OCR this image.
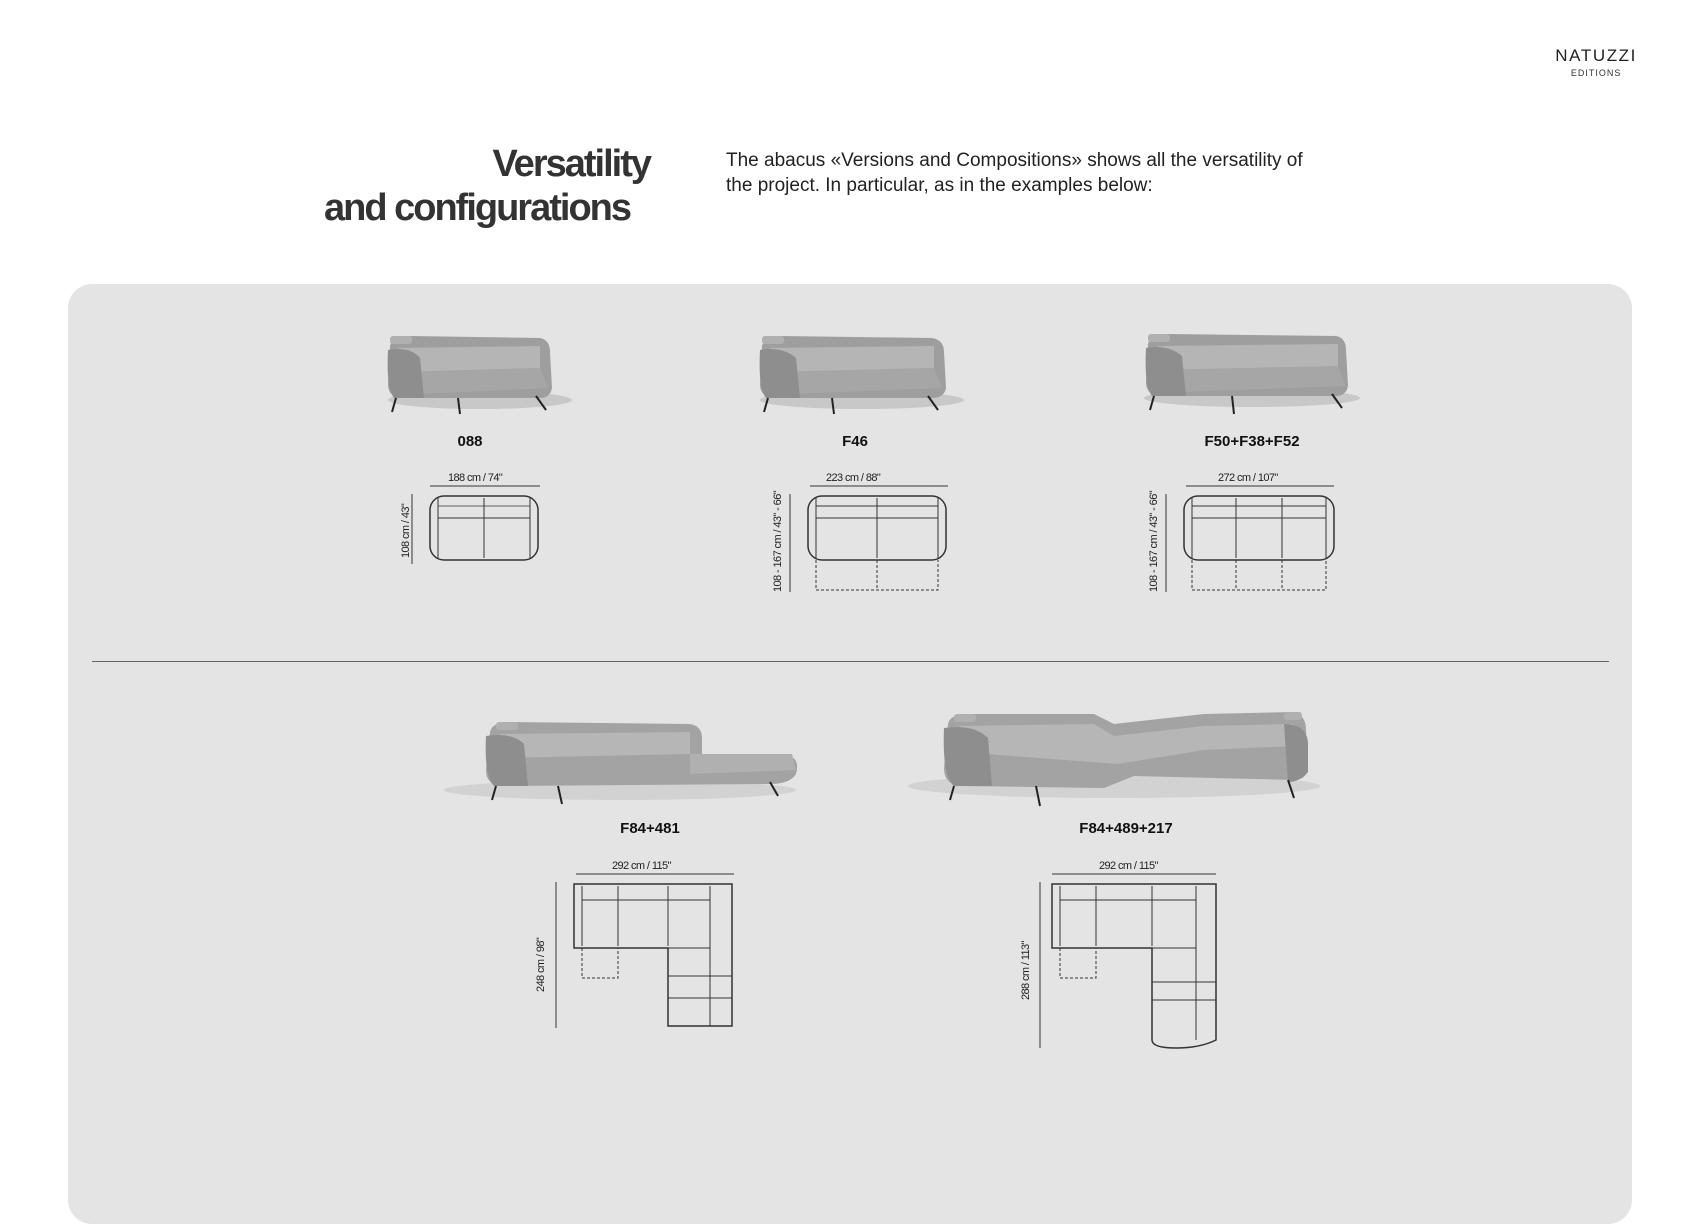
NATUZZI
EDITIONS
Versatility
and configurations
The abacus «Versions and Compositions» shows all the versatility of the project. In particular, as in the examples below:
088
188 cm / 74"
108 cm / 43"
F46
223 cm / 88"
108 - 167 cm / 43" - 66"
F50+F38+F52
272 cm / 107"
108 - 167 cm / 43" - 66"
F84+481
292 cm / 115"
248 cm / 98"
F84+489+217
292 cm / 115"
288 cm / 113"
